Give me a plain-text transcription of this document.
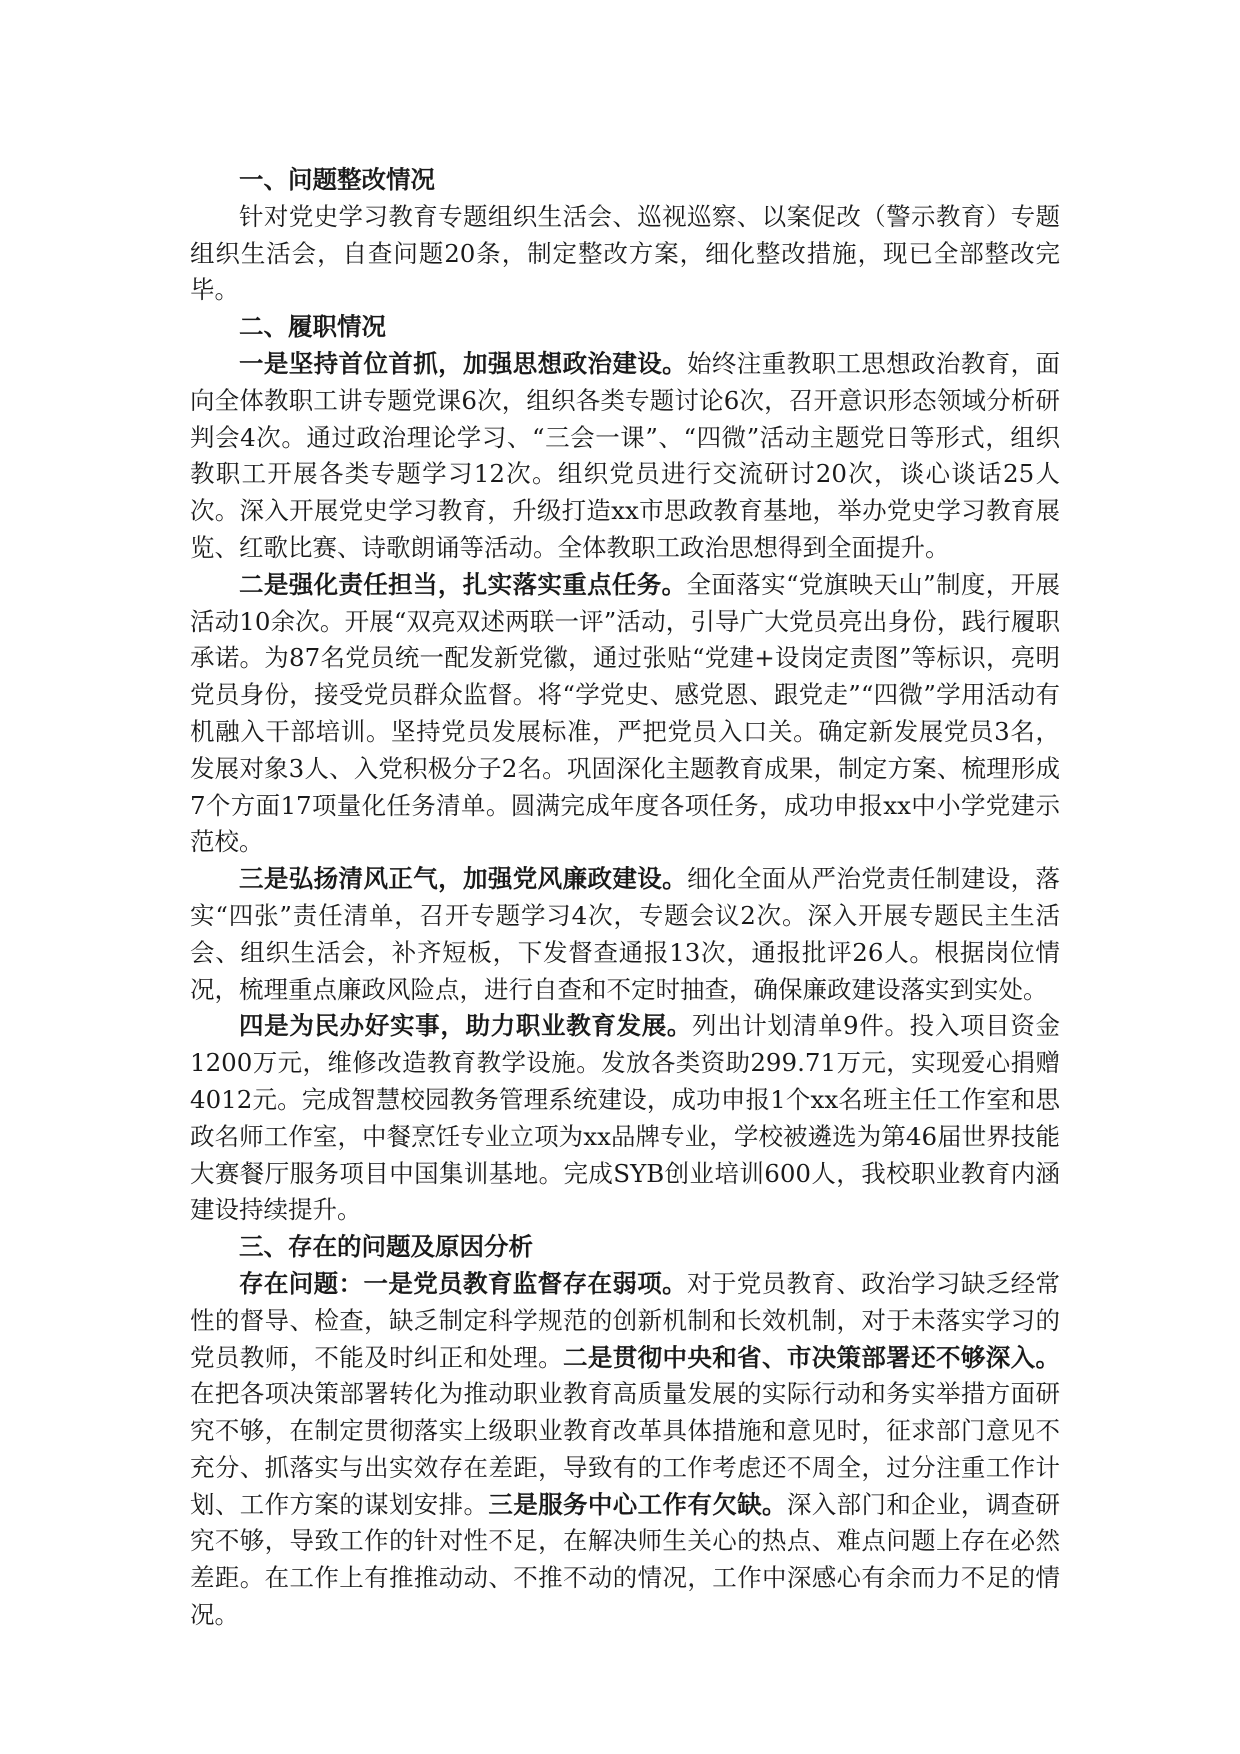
一、问题整改情况

针对党史学习教育专题组织生活会、巡视巡察、以案促改（警示教育）专题组织生活会，自查问题20条，制定整改方案，细化整改措施，现已全部整改完毕。

二、履职情况

一是坚持首位首抓，加强思想政治建设。始终注重教职工思想政治教育，面向全体教职工讲专题党课6次，组织各类专题讨论6次，召开意识形态领域分析研判会4次。通过政治理论学习、“三会一课”、“四微”活动主题党日等形式，组织教职工开展各类专题学习12次。组织党员进行交流研讨20次，谈心谈话25人次。深入开展党史学习教育，升级打造xx市思政教育基地，举办党史学习教育展览、红歌比赛、诗歌朗诵等活动。全体教职工政治思想得到全面提升。

二是强化责任担当，扎实落实重点任务。全面落实“党旗映天山”制度，开展活动10余次。开展“双亮双述两联一评”活动，引导广大党员亮出身份，践行履职承诺。为87名党员统一配发新党徽，通过张贴“党建+设岗定责图”等标识，亮明党员身份，接受党员群众监督。将“学党史、感党恩、跟党走”“四微”学用活动有机融入干部培训。坚持党员发展标准，严把党员入口关。确定新发展党员3名，发展对象3人、入党积极分子2名。巩固深化主题教育成果，制定方案、梳理形成7个方面17项量化任务清单。圆满完成年度各项任务，成功申报xx中小学党建示范校。

三是弘扬清风正气，加强党风廉政建设。细化全面从严治党责任制建设，落实“四张”责任清单，召开专题学习4次，专题会议2次。深入开展专题民主生活会、组织生活会，补齐短板，下发督查通报13次，通报批评26人。根据岗位情况，梳理重点廉政风险点，进行自查和不定时抽查，确保廉政建设落实到实处。

四是为民办好实事，助力职业教育发展。列出计划清单9件。投入项目资金1200万元，维修改造教育教学设施。发放各类资助299.71万元，实现爱心捐赠4012元。完成智慧校园教务管理系统建设，成功申报1个xx名班主任工作室和思政名师工作室，中餐烹饪专业立项为xx品牌专业，学校被遴选为第46届世界技能大赛餐厅服务项目中国集训基地。完成SYB创业培训600人，我校职业教育内涵建设持续提升。

三、存在的问题及原因分析

存在问题：一是党员教育监督存在弱项。对于党员教育、政治学习缺乏经常性的督导、检查，缺乏制定科学规范的创新机制和长效机制，对于未落实学习的党员教师，不能及时纠正和处理。二是贯彻中央和省、市决策部署还不够深入。在把各项决策部署转化为推动职业教育高质量发展的实际行动和务实举措方面研究不够，在制定贯彻落实上级职业教育改革具体措施和意见时，征求部门意见不充分、抓落实与出实效存在差距，导致有的工作考虑还不周全，过分注重工作计划、工作方案的谋划安排。三是服务中心工作有欠缺。深入部门和企业，调查研究不够，导致工作的针对性不足，在解决师生关心的热点、难点问题上存在必然差距。在工作上有推推动动、不推不动的情况，工作中深感心有余而力不足的情况。
